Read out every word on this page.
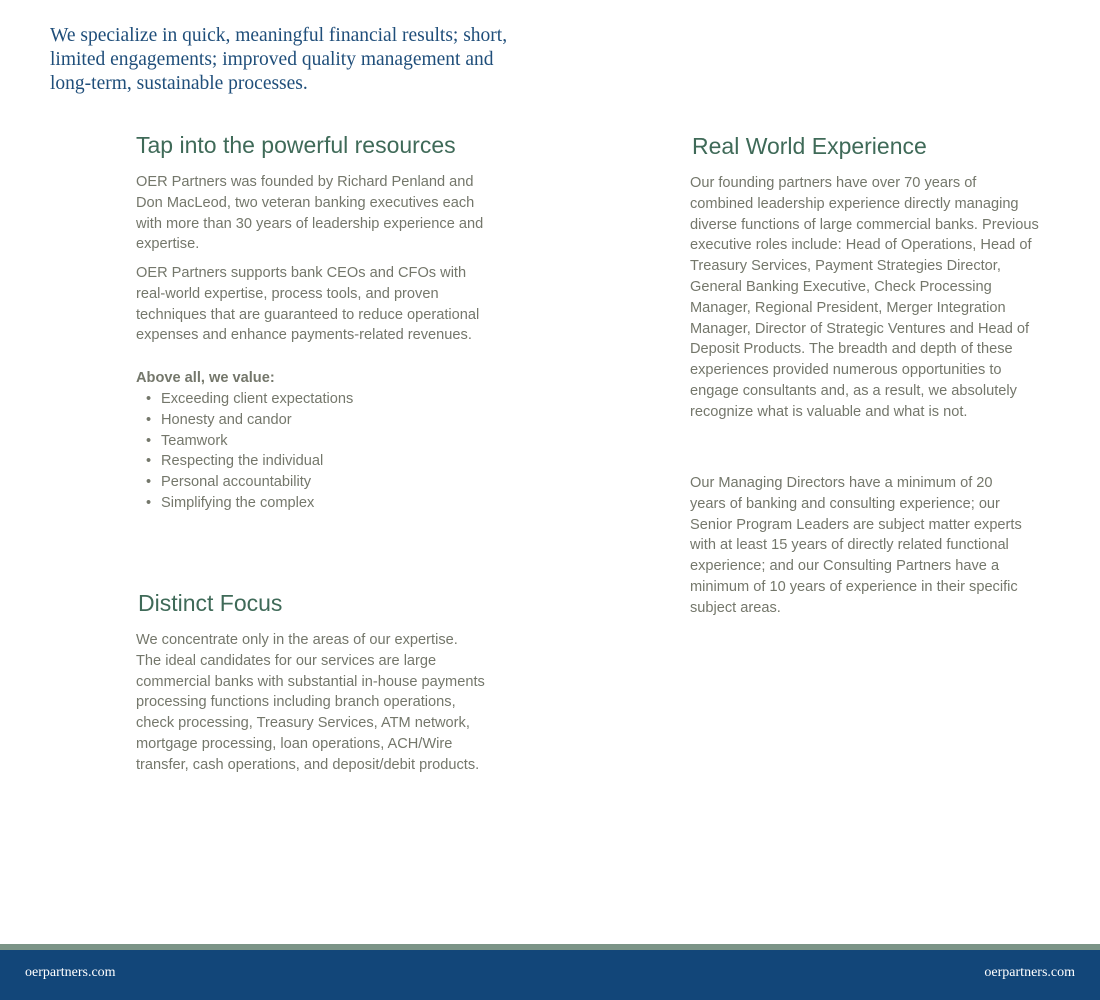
We specialize in quick, meaningful financial results; short, limited engagements; improved quality management and long-term, sustainable processes.

Tap into the powerful resources

OER Partners was founded by Richard Penland and Don MacLeod, two veteran banking executives each with more than 30 years of leadership experience and expertise.

OER Partners supports bank CEOs and CFOs with real-world expertise, process tools, and proven techniques that are guaranteed to reduce operational expenses and enhance payments-related revenues.

Above all, we value:

• Exceeding client expectations
• Honesty and candor
• Teamwork
• Respecting the individual
• Personal accountability
• Simplifying the complex
Distinct Focus

We concentrate only in the areas of our expertise. The ideal candidates for our services are large commercial banks with substantial in-house payments processing functions including branch operations, check processing, Treasury Services, ATM network, mortgage processing, loan operations, ACH/Wire transfer, cash operations, and deposit/debit products.

Real World Experience

Our founding partners have over 70 years of combined leadership experience directly managing diverse functions of large commercial banks. Previous executive roles include: Head of Operations, Head of Treasury Services, Payment Strategies Director, General Banking Executive, Check Processing Manager, Regional President, Merger Integration Manager, Director of Strategic Ventures and Head of Deposit Products. The breadth and depth of these experiences provided numerous opportunities to engage consultants and, as a result, we absolutely recognize what is valuable and what is not.

Our Managing Directors have a minimum of 20 years of banking and consulting experience; our Senior Program Leaders are subject matter experts with at least 15 years of directly related functional experience; and our Consulting Partners have a minimum of 10 years of experience in their specific subject areas.

oerpartners.com	oerpartners.com
